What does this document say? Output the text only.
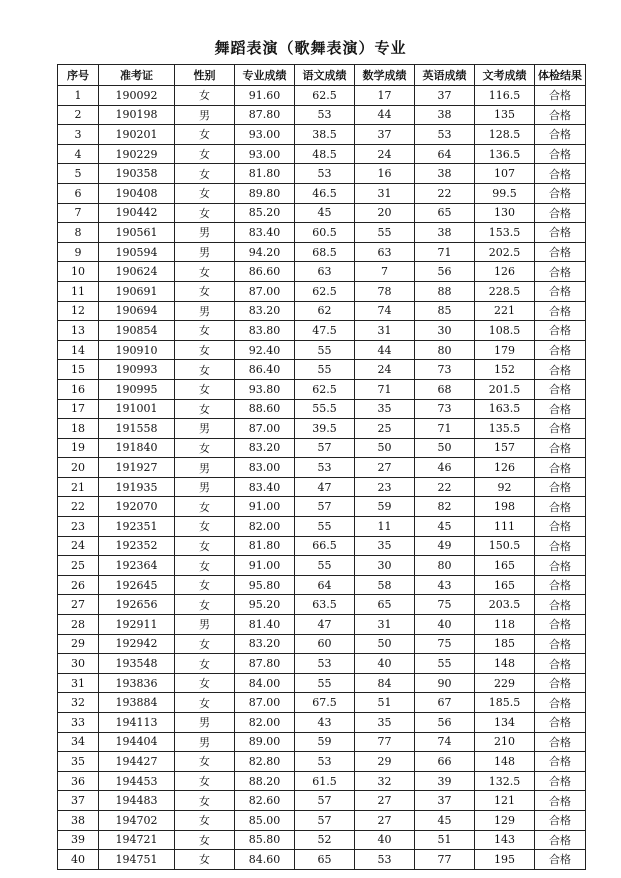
舞蹈表演（歌舞表演）专业
序号	准考证	性别	专业成绩	语文成绩	数学成绩	英语成绩	文考成绩	体检结果
1	190092	女	91.60	62.5	17	37	116.5	合格
2	190198	男	87.80	53	44	38	135	合格
3	190201	女	93.00	38.5	37	53	128.5	合格
4	190229	女	93.00	48.5	24	64	136.5	合格
5	190358	女	81.80	53	16	38	107	合格
6	190408	女	89.80	46.5	31	22	99.5	合格
7	190442	女	85.20	45	20	65	130	合格
8	190561	男	83.40	60.5	55	38	153.5	合格
9	190594	男	94.20	68.5	63	71	202.5	合格
10	190624	女	86.60	63	7	56	126	合格
11	190691	女	87.00	62.5	78	88	228.5	合格
12	190694	男	83.20	62	74	85	221	合格
13	190854	女	83.80	47.5	31	30	108.5	合格
14	190910	女	92.40	55	44	80	179	合格
15	190993	女	86.40	55	24	73	152	合格
16	190995	女	93.80	62.5	71	68	201.5	合格
17	191001	女	88.60	55.5	35	73	163.5	合格
18	191558	男	87.00	39.5	25	71	135.5	合格
19	191840	女	83.20	57	50	50	157	合格
20	191927	男	83.00	53	27	46	126	合格
21	191935	男	83.40	47	23	22	92	合格
22	192070	女	91.00	57	59	82	198	合格
23	192351	女	82.00	55	11	45	111	合格
24	192352	女	81.80	66.5	35	49	150.5	合格
25	192364	女	91.00	55	30	80	165	合格
26	192645	女	95.80	64	58	43	165	合格
27	192656	女	95.20	63.5	65	75	203.5	合格
28	192911	男	81.40	47	31	40	118	合格
29	192942	女	83.20	60	50	75	185	合格
30	193548	女	87.80	53	40	55	148	合格
31	193836	女	84.00	55	84	90	229	合格
32	193884	女	87.00	67.5	51	67	185.5	合格
33	194113	男	82.00	43	35	56	134	合格
34	194404	男	89.00	59	77	74	210	合格
35	194427	女	82.80	53	29	66	148	合格
36	194453	女	88.20	61.5	32	39	132.5	合格
37	194483	女	82.60	57	27	37	121	合格
38	194702	女	85.00	57	27	45	129	合格
39	194721	女	85.80	52	40	51	143	合格
40	194751	女	84.60	65	53	77	195	合格
